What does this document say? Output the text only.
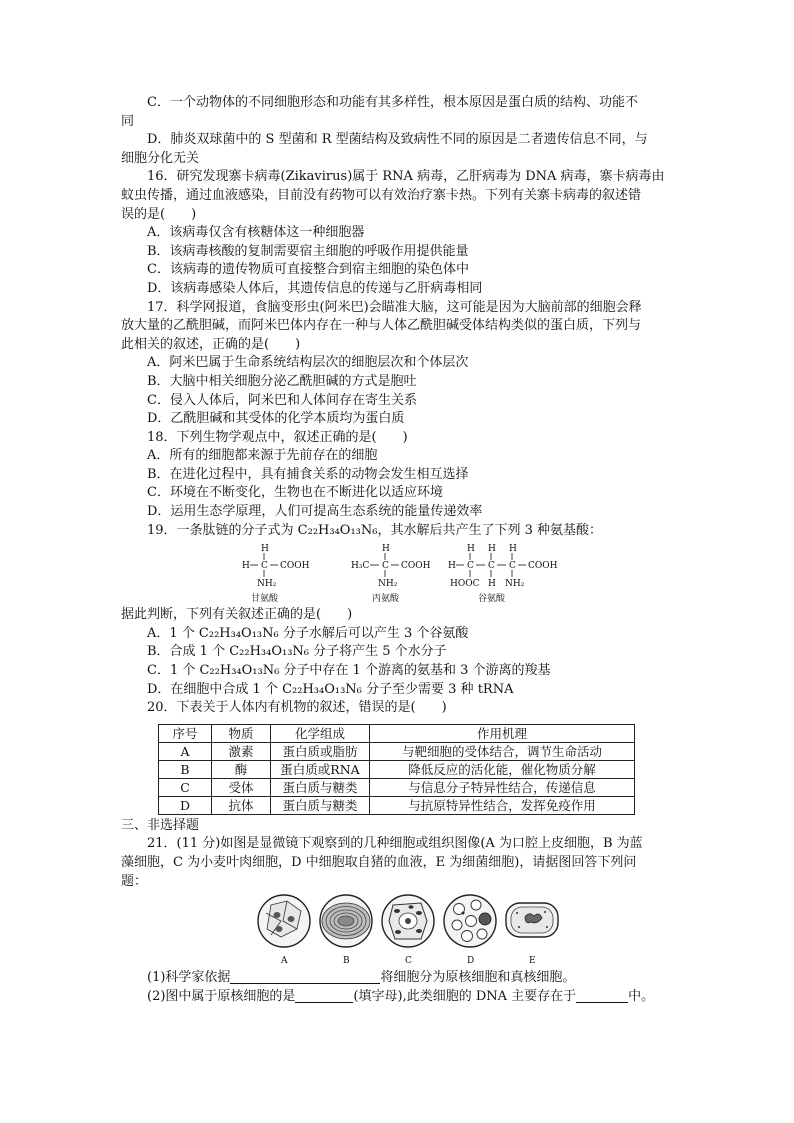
C．一个动物体的不同细胞形态和功能有其多样性，根本原因是蛋白质的结构、功能不

同

D．肺炎双球菌中的 S 型菌和 R 型菌结构及致病性不同的原因是二者遗传信息不同，与

细胞分化无关

16．研究发现寨卡病毒(Zikavirus)属于 RNA 病毒，乙肝病毒为 DNA 病毒，寨卡病毒由

蚊虫传播，通过血液感染，目前没有药物可以有效治疗寨卡热。下列有关寨卡病毒的叙述错

误的是(　　)

A．该病毒仅含有核糖体这一种细胞器

B．该病毒核酸的复制需要宿主细胞的呼吸作用提供能量

C．该病毒的遗传物质可直接整合到宿主细胞的染色体中

D．该病毒感染人体后，其遗传信息的传递与乙肝病毒相同

17．科学网报道，食脑变形虫(阿米巴)会瞄准大脑，这可能是因为大脑前部的细胞会释

放大量的乙酰胆碱，而阿米巴体内存在一种与人体乙酰胆碱受体结构类似的蛋白质，下列与

此相关的叙述，正确的是(　　)

A．阿米巴属于生命系统结构层次的细胞层次和个体层次

B．大脑中相关细胞分泌乙酰胆碱的方式是胞吐

C．侵入人体后，阿米巴和人体间存在寄生关系

D．乙酰胆碱和其受体的化学本质均为蛋白质

18．下列生物学观点中，叙述正确的是(　　)

A．所有的细胞都来源于先前存在的细胞

B．在进化过程中，具有捕食关系的动物会发生相互选择

C．环境在不断变化，生物也在不断进化以适应环境

D．运用生态学原理，人们可提高生态系统的能量传递效率

19．一条肽链的分子式为 C₂₂H₃₄O₁₃N₆，其水解后共产生了下列 3 种氨基酸：

H
H C COOH
NH₂
甘氨酸
H
H₃C C COOH
NH₂
丙氨酸
H H H
H C C C COOH
HOOC H NH₂
谷氨酸

据此判断，下列有关叙述正确的是(　　)

A．1 个 C₂₂H₃₄O₁₃N₆ 分子水解后可以产生 3 个谷氨酸

B．合成 1 个 C₂₂H₃₄O₁₃N₆ 分子将产生 5 个水分子

C．1 个 C₂₂H₃₄O₁₃N₆ 分子中存在 1 个游离的氨基和 3 个游离的羧基

D．在细胞中合成 1 个 C₂₂H₃₄O₁₃N₆ 分子至少需要 3 种 tRNA

20．下表关于人体内有机物的叙述，错误的是(　　)

序号	物质	化学组成	作用机理
A	激素	蛋白质或脂肪	与靶细胞的受体结合，调节生命活动
B	酶	蛋白质或RNA	降低反应的活化能，催化物质分解
C	受体	蛋白质与糖类	与信息分子特异性结合，传递信息
D	抗体	蛋白质与糖类	与抗原特异性结合，发挥免疫作用

三、非选择题

21．(11 分)如图是显微镜下观察到的几种细胞或组织图像(A 为口腔上皮细胞，B 为蓝

藻细胞，C 为小麦叶肉细胞，D 中细胞取自猪的血液，E 为细菌细胞)，请据图回答下列问

题：

A	B	C	D	E

(1)科学家依据	将细胞分为原核细胞和真核细胞。

(2)图中属于原核细胞的是	(填字母),此类细胞的 DNA 主要存在于	中。
